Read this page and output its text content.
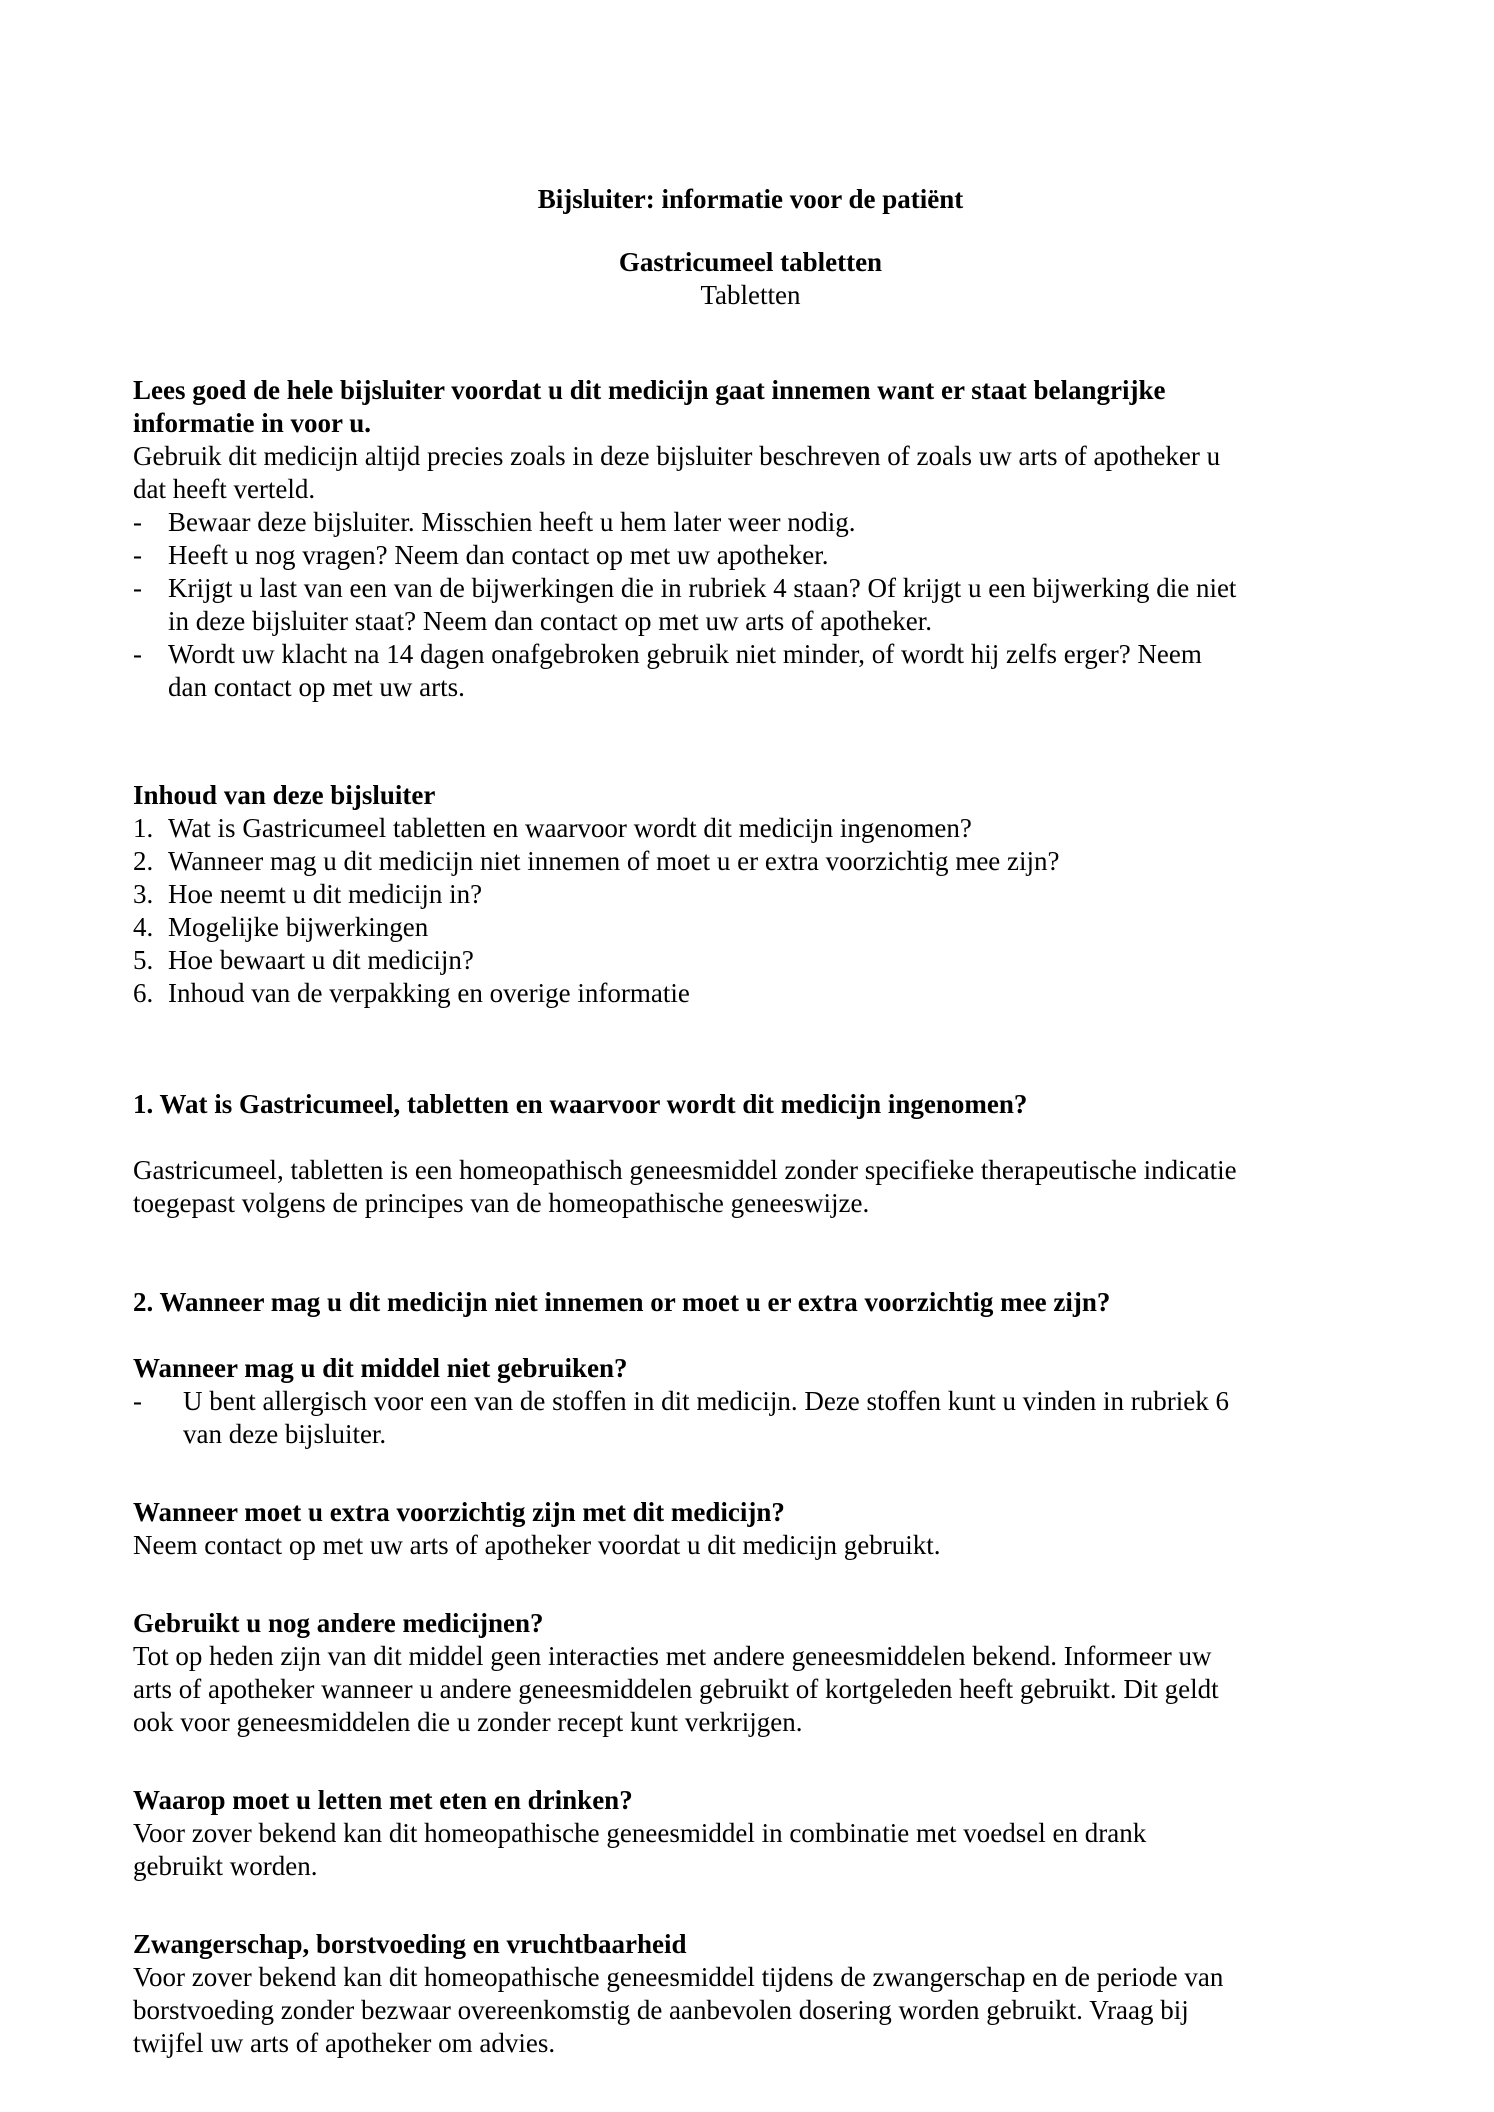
Bijsluiter: informatie voor de patiënt
Gastricumeel tabletten
Tabletten
Lees goed de hele bijsluiter voordat u dit medicijn gaat innemen want er staat belangrijke
informatie in voor u.
Gebruik dit medicijn altijd precies zoals in deze bijsluiter beschreven of zoals uw arts of apotheker u
dat heeft verteld.
- Bewaar deze bijsluiter. Misschien heeft u hem later weer nodig.
- Heeft u nog vragen? Neem dan contact op met uw apotheker.
- Krijgt u last van een van de bijwerkingen die in rubriek 4 staan? Of krijgt u een bijwerking die niet
in deze bijsluiter staat? Neem dan contact op met uw arts of apotheker.
- Wordt uw klacht na 14 dagen onafgebroken gebruik niet minder, of wordt hij zelfs erger? Neem
dan contact op met uw arts.
Inhoud van deze bijsluiter
1. Wat is Gastricumeel tabletten en waarvoor wordt dit medicijn ingenomen?
2. Wanneer mag u dit medicijn niet innemen of moet u er extra voorzichtig mee zijn?
3. Hoe neemt u dit medicijn in?
4. Mogelijke bijwerkingen
5. Hoe bewaart u dit medicijn?
6. Inhoud van de verpakking en overige informatie
1. Wat is Gastricumeel, tabletten en waarvoor wordt dit medicijn ingenomen?
Gastricumeel, tabletten is een homeopathisch geneesmiddel zonder specifieke therapeutische indicatie
toegepast volgens de principes van de homeopathische geneeswijze.
2. Wanneer mag u dit medicijn niet innemen or moet u er extra voorzichtig mee zijn?
Wanneer mag u dit middel niet gebruiken?
-	U bent allergisch voor een van de stoffen in dit medicijn. Deze stoffen kunt u vinden in rubriek 6
van deze bijsluiter.
Wanneer moet u extra voorzichtig zijn met dit medicijn?
Neem contact op met uw arts of apotheker voordat u dit medicijn gebruikt.
Gebruikt u nog andere medicijnen?
Tot op heden zijn van dit middel geen interacties met andere geneesmiddelen bekend. Informeer uw
arts of apotheker wanneer u andere geneesmiddelen gebruikt of kortgeleden heeft gebruikt. Dit geldt
ook voor geneesmiddelen die u zonder recept kunt verkrijgen.
Waarop moet u letten met eten en drinken?
Voor zover bekend kan dit homeopathische geneesmiddel in combinatie met voedsel en drank
gebruikt worden.
Zwangerschap, borstvoeding en vruchtbaarheid
Voor zover bekend kan dit homeopathische geneesmiddel tijdens de zwangerschap en de periode van
borstvoeding zonder bezwaar overeenkomstig de aanbevolen dosering worden gebruikt. Vraag bij
twijfel uw arts of apotheker om advies.
